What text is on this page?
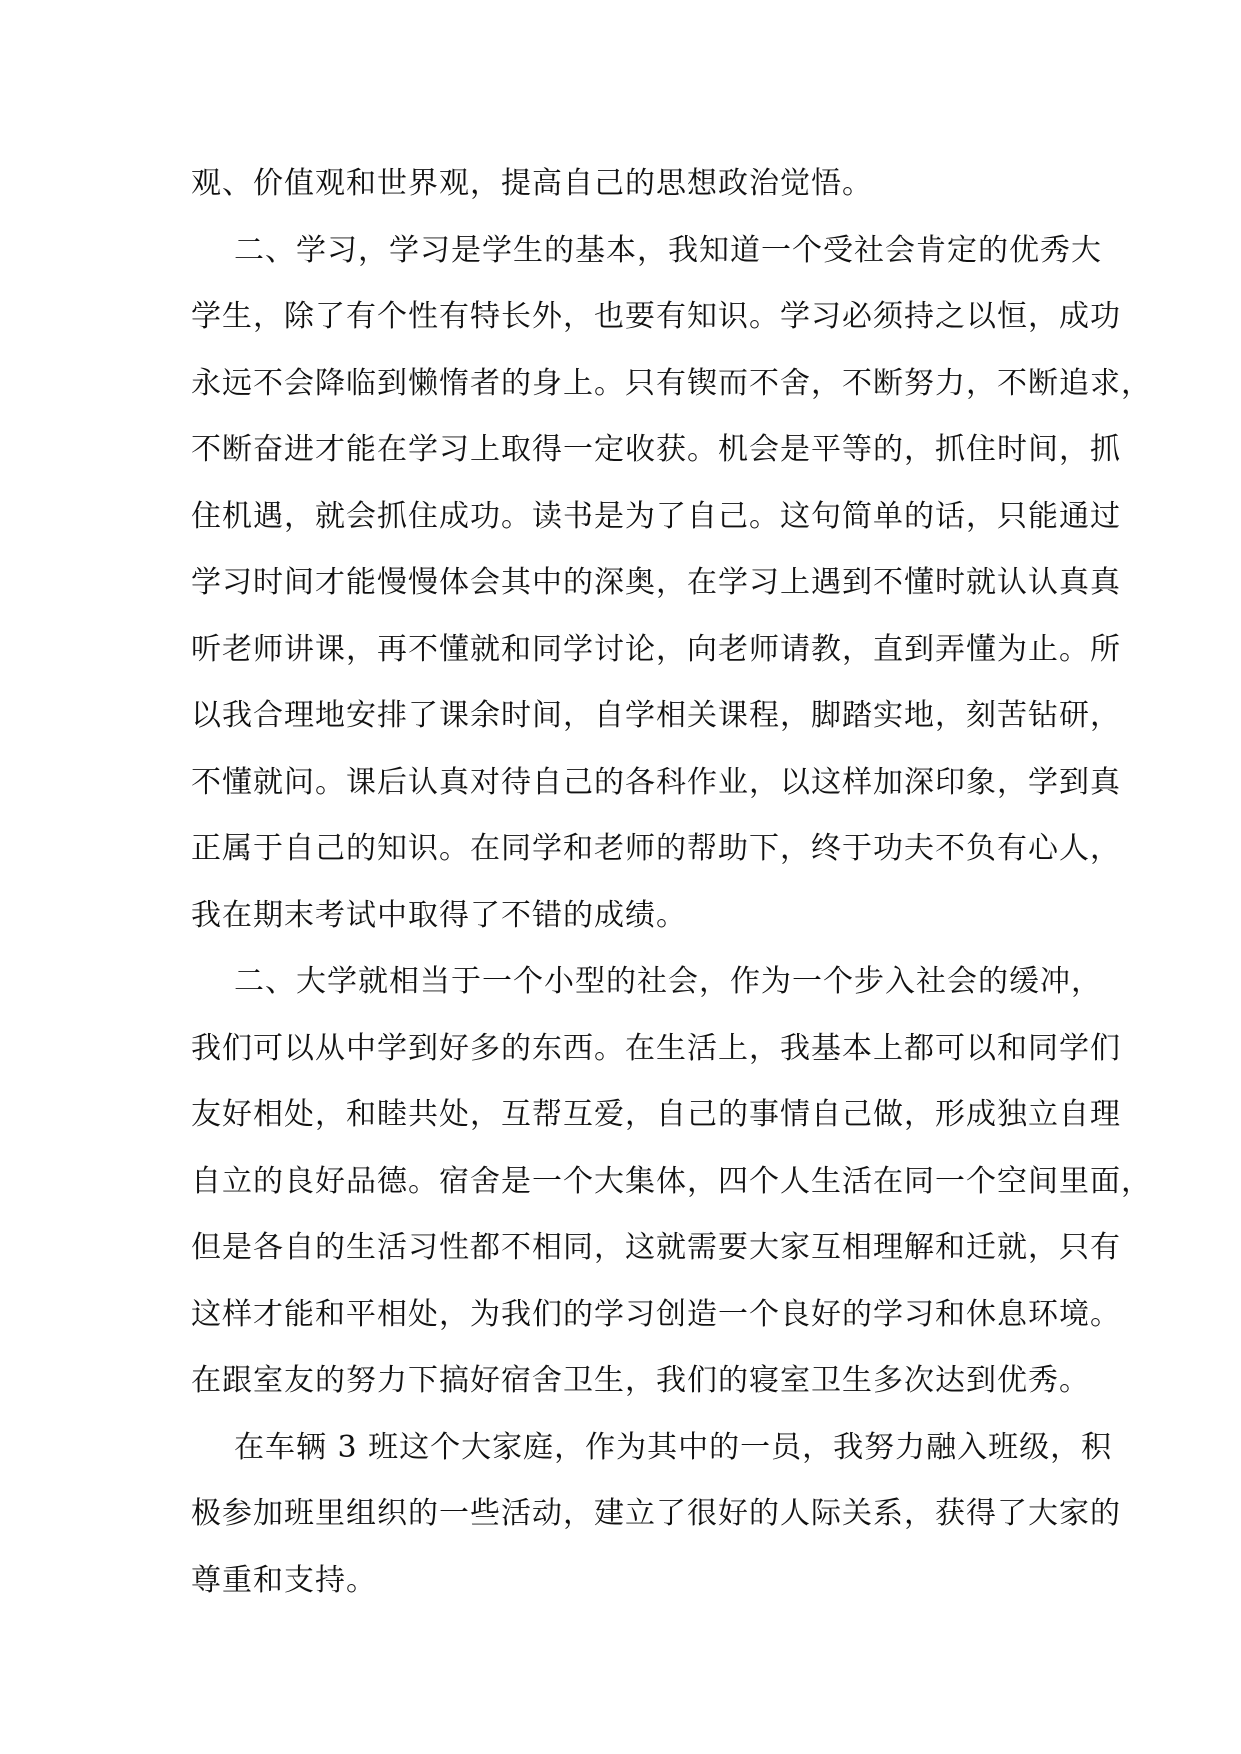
观、价值观和世界观，提高自己的思想政治觉悟。
二、学习，学习是学生的基本，我知道一个受社会肯定的优秀大
学生，除了有个性有特长外，也要有知识。学习必须持之以恒，成功
永远不会降临到懒惰者的身上。只有锲而不舍，不断努力，不断追求，
不断奋进才能在学习上取得一定收获。机会是平等的，抓住时间，抓
住机遇，就会抓住成功。读书是为了自己。这句简单的话，只能通过
学习时间才能慢慢体会其中的深奥，在学习上遇到不懂时就认认真真
听老师讲课，再不懂就和同学讨论，向老师请教，直到弄懂为止。所
以我合理地安排了课余时间，自学相关课程，脚踏实地，刻苦钻研，
不懂就问。课后认真对待自己的各科作业，以这样加深印象，学到真
正属于自己的知识。在同学和老师的帮助下，终于功夫不负有心人，
我在期末考试中取得了不错的成绩。
二、大学就相当于一个小型的社会，作为一个步入社会的缓冲，
我们可以从中学到好多的东西。在生活上，我基本上都可以和同学们
友好相处，和睦共处，互帮互爱，自己的事情自己做，形成独立自理
自立的良好品德。宿舍是一个大集体，四个人生活在同一个空间里面，
但是各自的生活习性都不相同，这就需要大家互相理解和迁就，只有
这样才能和平相处，为我们的学习创造一个良好的学习和休息环境。
在跟室友的努力下搞好宿舍卫生，我们的寝室卫生多次达到优秀。
在车辆 3 班这个大家庭，作为其中的一员，我努力融入班级，积
极参加班里组织的一些活动，建立了很好的人际关系，获得了大家的
尊重和支持。
